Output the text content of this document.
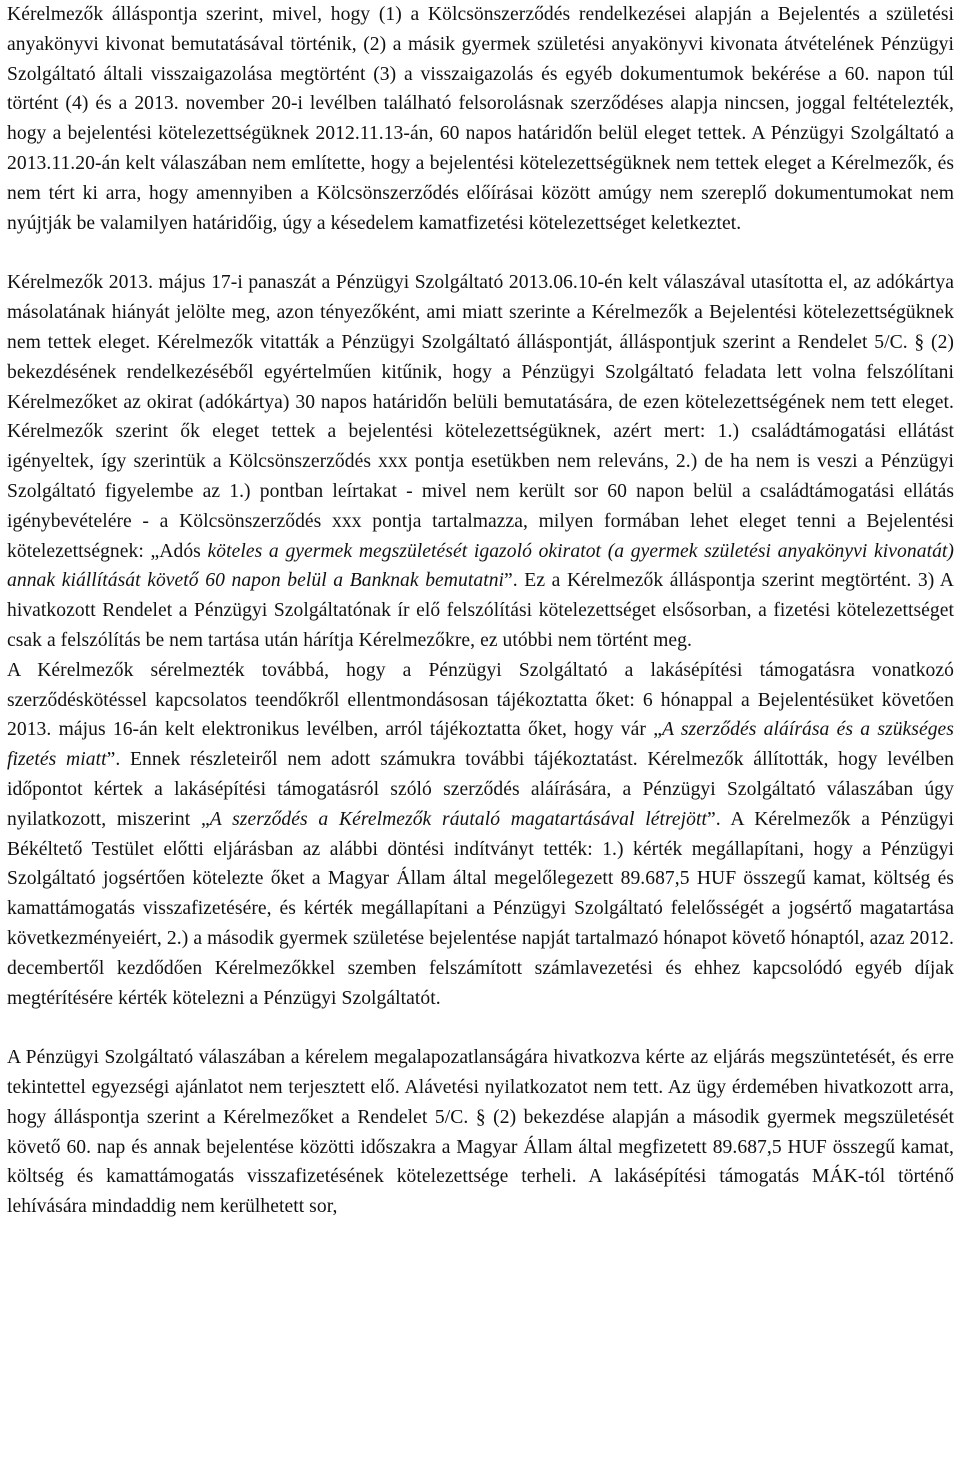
Kérelmezők álláspontja szerint, mivel, hogy (1) a Kölcsönszerződés rendelkezései alapján a Bejelentés a születési anyakönyvi kivonat bemutatásával történik, (2) a másik gyermek születési anyakönyvi kivonata átvételének Pénzügyi Szolgáltató általi visszaigazolása megtörtént (3) a visszaigazolás és egyéb dokumentumok bekérése a 60. napon túl történt (4) és a 2013. november 20-i levélben található felsorolásnak szerződéses alapja nincsen, joggal feltételezték, hogy a bejelentési kötelezettségüknek 2012.11.13-án, 60 napos határidőn belül eleget tettek. A Pénzügyi Szolgáltató a 2013.11.20-án kelt válaszában nem említette, hogy a bejelentési kötelezettségüknek nem tettek eleget a Kérelmezők, és nem tért ki arra, hogy amennyiben a Kölcsönszerződés előírásai között amúgy nem szereplő dokumentumokat nem nyújtják be valamilyen határidőig, úgy a késedelem kamatfizetési kötelezettséget keletkeztet.

Kérelmezők 2013. május 17-i panaszát a Pénzügyi Szolgáltató 2013.06.10-én kelt válaszával utasította el, az adókártya másolatának hiányát jelölte meg, azon tényezőként, ami miatt szerinte a Kérelmezők a Bejelentési kötelezettségüknek nem tettek eleget. Kérelmezők vitatták a Pénzügyi Szolgáltató álláspontját, álláspontjuk szerint a Rendelet 5/C. § (2) bekezdésének rendelkezéséből egyértelműen kitűnik, hogy a Pénzügyi Szolgáltató feladata lett volna felszólítani Kérelmezőket az okirat (adókártya) 30 napos határidőn belüli bemutatására, de ezen kötelezettségének nem tett eleget. Kérelmezők szerint ők eleget tettek a bejelentési kötelezettségüknek, azért mert: 1.) családtámogatási ellátást igényeltek, így szerintük a Kölcsönszerződés xxx pontja esetükben nem releváns, 2.) de ha nem is veszi a Pénzügyi Szolgáltató figyelembe az 1.) pontban leírtakat - mivel nem került sor 60 napon belül a családtámogatási ellátás igénybevételére - a Kölcsönszerződés xxx pontja tartalmazza, milyen formában lehet eleget tenni a Bejelentési kötelezettségnek: „Adós köteles a gyermek megszületését igazoló okiratot (a gyermek születési anyakönyvi kivonatát) annak kiállítását követő 60 napon belül a Banknak bemutatni”. Ez a Kérelmezők álláspontja szerint megtörtént. 3) A hivatkozott Rendelet a Pénzügyi Szolgáltatónak ír elő felszólítási kötelezettséget elsősorban, a fizetési kötelezettséget csak a felszólítás be nem tartása után hárítja Kérelmezőkre, ez utóbbi nem történt meg.

A Kérelmezők sérelmezték továbbá, hogy a Pénzügyi Szolgáltató a lakásépítési támogatásra vonatkozó szerződéskötéssel kapcsolatos teendőkről ellentmondásosan tájékoztatta őket: 6 hónappal a Bejelentésüket követően 2013. május 16-án kelt elektronikus levélben, arról tájékoztatta őket, hogy vár „A szerződés aláírása és a szükséges fizetés miatt”. Ennek részleteiről nem adott számukra további tájékoztatást. Kérelmezők állították, hogy levélben időpontot kértek a lakásépítési támogatásról szóló szerződés aláírására, a Pénzügyi Szolgáltató válaszában úgy nyilatkozott, miszerint „A szerződés a Kérelmezők ráutaló magatartásával létrejött”. A Kérelmezők a Pénzügyi Békéltető Testület előtti eljárásban az alábbi döntési indítványt tették: 1.) kérték megállapítani, hogy a Pénzügyi Szolgáltató jogsértően kötelezte őket a Magyar Állam által megelőlegezett 89.687,5 HUF összegű kamat, költség és kamattámogatás visszafizetésére, és kérték megállapítani a Pénzügyi Szolgáltató felelősségét a jogsértő magatartása következményeiért, 2.) a második gyermek születése bejelentése napját tartalmazó hónapot követő hónaptól, azaz 2012. decembertől kezdődően Kérelmezőkkel szemben felszámított számlavezetési és ehhez kapcsolódó egyéb díjak megtérítésére kérték kötelezni a Pénzügyi Szolgáltatót.

A Pénzügyi Szolgáltató válaszában a kérelem megalapozatlanságára hivatkozva kérte az eljárás megszüntetését, és erre tekintettel egyezségi ajánlatot nem terjesztett elő. Alávetési nyilatkozatot nem tett. Az ügy érdemében hivatkozott arra, hogy álláspontja szerint a Kérelmezőket a Rendelet 5/C. § (2) bekezdése alapján a második gyermek megszületését követő 60. nap és annak bejelentése közötti időszakra a Magyar Állam által megfizetett 89.687,5 HUF összegű kamat, költség és kamattámogatás visszafizetésének kötelezettsége terheli. A lakásépítési támogatás MÁK-tól történő lehívására mindaddig nem kerülhetett sor,
